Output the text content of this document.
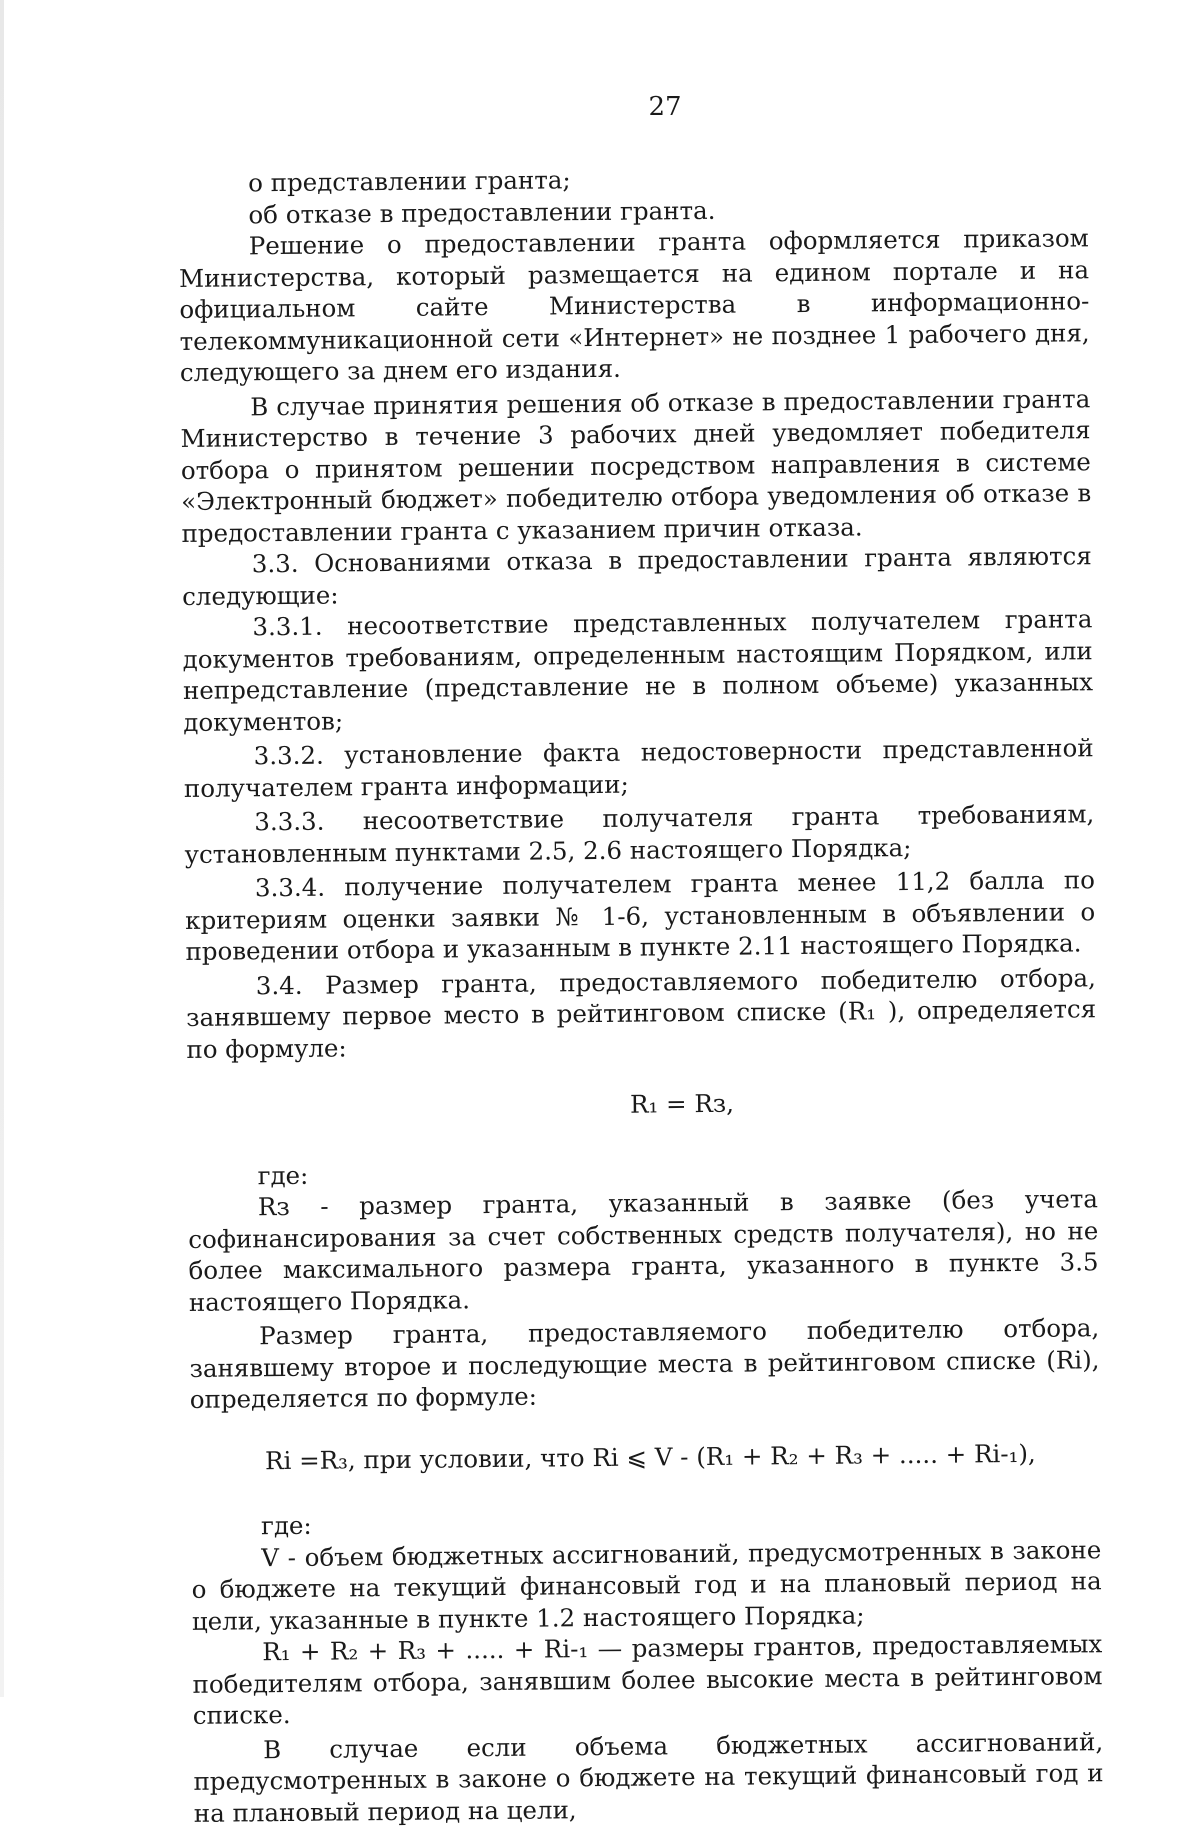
27

о представлении гранта;

об отказе в предоставлении гранта.

Решение о предоставлении гранта оформляется приказом Министерства, который размещается на едином портале и на официальном сайте Министерства в информационно-телекоммуникационной сети «Интернет» не позднее 1 рабочего дня, следующего за днем его издания.

В случае принятия решения об отказе в предоставлении гранта Министерство в течение 3 рабочих дней уведомляет победителя отбора о принятом решении посредством направления в системе «Электронный бюджет» победителю отбора уведомления об отказе в предоставлении гранта с указанием причин отказа.

3.3. Основаниями отказа в предоставлении гранта являются следующие:

3.3.1. несоответствие представленных получателем гранта документов требованиям, определенным настоящим Порядком, или непредставление (представление не в полном объеме) указанных документов;

3.3.2. установление факта недостоверности представленной получателем гранта информации;

3.3.3. несоответствие получателя гранта требованиям, установленным пунктами 2.5, 2.6 настоящего Порядка;

3.3.4. получение получателем гранта менее 11,2 балла по критериям оценки заявки № 1-6, установленным в объявлении о проведении отбора и указанным в пункте 2.11 настоящего Порядка.

3.4. Размер гранта, предоставляемого победителю отбора, занявшему первое место в рейтинговом списке (R₁ ), определяется по формуле:

R₁ = Rз,

где:

Rз - размер гранта, указанный в заявке (без учета софинансирования за счет собственных средств получателя), но не более максимального размера гранта, указанного в пункте 3.5 настоящего Порядка.

Размер гранта, предоставляемого победителю отбора, занявшему второе и последующие места в рейтинговом списке (Ri), определяется по формуле:

Ri =R₃, при условии, что Ri ⩽ V - (R₁ + R₂ + R₃ + ..... + Ri-₁),

где:

V - объем бюджетных ассигнований, предусмотренных в законе о бюджете на текущий финансовый год и на плановый период на цели, указанные в пункте 1.2 настоящего Порядка;

R₁ + R₂ + R₃ + ..... + Ri-₁ — размеры грантов, предоставляемых победителям отбора, занявшим более высокие места в рейтинговом списке.

В случае если объема бюджетных ассигнований, предусмотренных в законе о бюджете на текущий финансовый год и на плановый период на цели,
